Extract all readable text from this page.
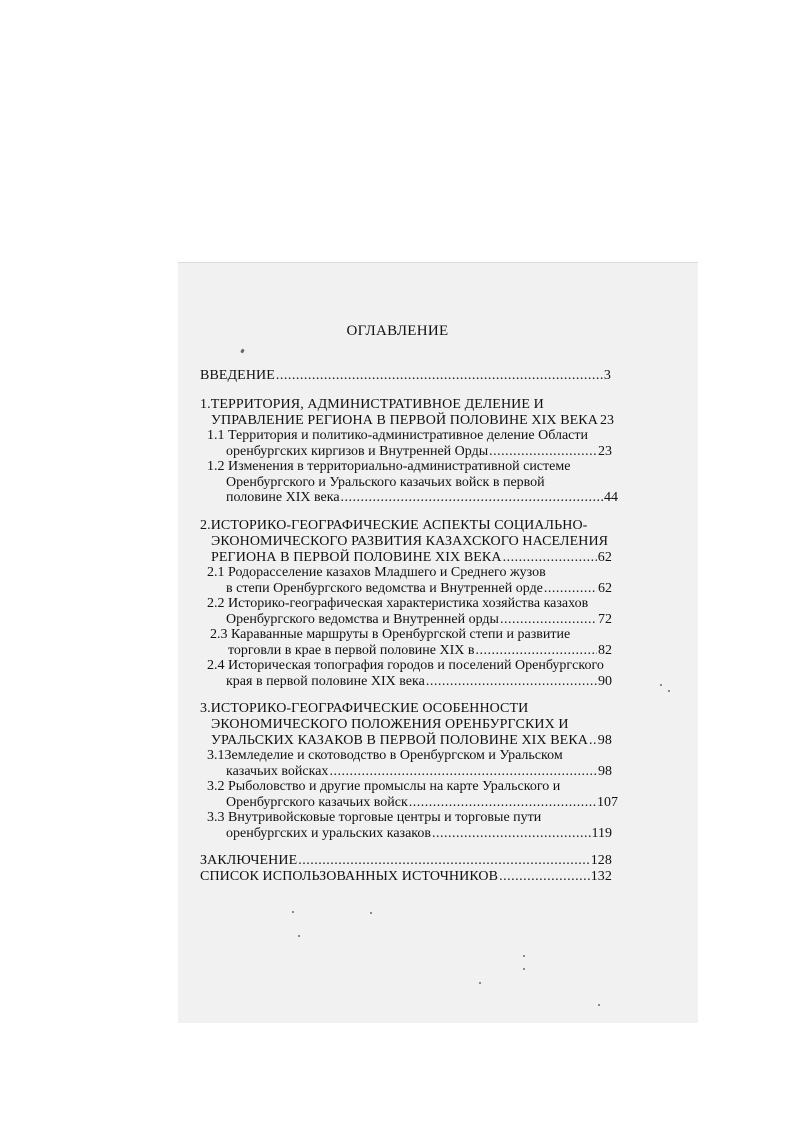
ОГЛАВЛЕНИЕ
ВВЕДЕНИЕ .....	3
1.ТЕРРИТОРИЯ, АДМИНИСТРАТИВНОЕ ДЕЛЕНИЕ И
УПРАВЛЕНИЕ РЕГИОНА В ПЕРВОЙ ПОЛОВИНЕ XIX ВЕКА 23
1.1 Территория и политико-административное деление Области
оренбургских киргизов и Внутренней Орды .....	23
1.2 Изменения в территориально-административной системе
Оренбургского и Уральского казачьих войск в первой
половине XIX века .....	44
2.ИСТОРИКО-ГЕОГРАФИЧЕСКИЕ АСПЕКТЫ СОЦИАЛЬНО-
ЭКОНОМИЧЕСКОГО РАЗВИТИЯ КАЗАХСКОГО НАСЕЛЕНИЯ
РЕГИОНА В ПЕРВОЙ ПОЛОВИНЕ XIX ВЕКА .....	62
2.1 Родорасселение казахов Младшего и Среднего жузов
в степи Оренбургского ведомства и Внутренней орде .....	62
2.2 Историко-географическая характеристика хозяйства казахов
Оренбургского ведомства и Внутренней орды .....	72
2.3 Караванные маршруты в Оренбургской степи и развитие
торговли в крае в первой половине XIX в .....	82
2.4 Историческая топография городов и поселений Оренбургского
края в первой половине XIX века .....	90
3.ИСТОРИКО-ГЕОГРАФИЧЕСКИЕ ОСОБЕННОСТИ
ЭКОНОМИЧЕСКОГО ПОЛОЖЕНИЯ ОРЕНБУРГСКИХ И
УРАЛЬСКИХ КАЗАКОВ В ПЕРВОЙ ПОЛОВИНЕ XIX ВЕКА ..... 98
3.1Земледелие и скотоводство в Оренбургском и Уральском
казачьих войсках .....	98
3.2 Рыболовство и другие промыслы на карте Уральского и
Оренбургского казачьих войск .....	107
3.3 Внутривойсковые торговые центры и торговые пути
оренбургских и уральских казаков .....	119
ЗАКЛЮЧЕНИЕ .....	128
СПИСОК ИСПОЛЬЗОВАННЫХ ИСТОЧНИКОВ .....	132
